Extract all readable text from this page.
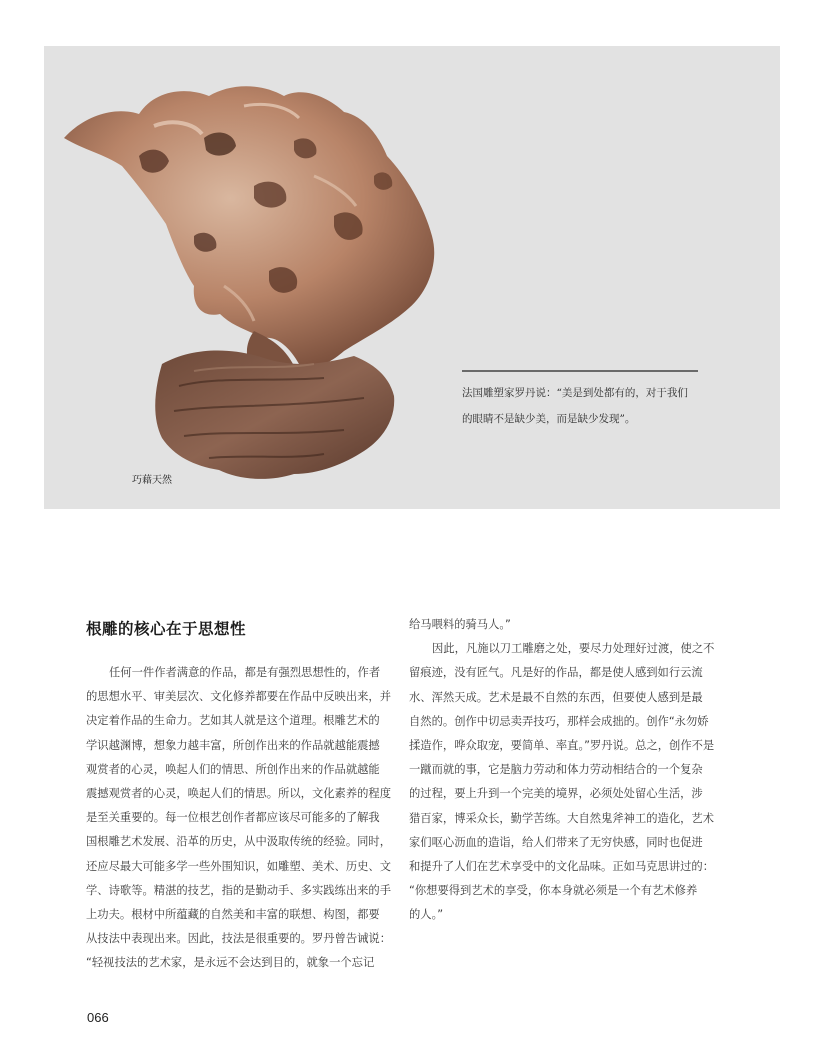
法国雕塑家罗丹说：“美是到处都有的，对于我们
的眼睛不是缺少美，而是缺少发现”。
巧藉天然
根雕的核心在于思想性
任何一件作者满意的作品，都是有强烈思想性的，作者
的思想水平、审美层次、文化修养都要在作品中反映出来，并
决定着作品的生命力。艺如其人就是这个道理。根雕艺术的
学识越渊博，想象力越丰富，所创作出来的作品就越能震撼
观赏者的心灵，唤起人们的情思、所创作出来的作品就越能
震撼观赏者的心灵，唤起人们的情思。所以，文化素养的程度
是至关重要的。每一位根艺创作者都应该尽可能多的了解我
国根雕艺术发展、沿革的历史，从中汲取传统的经验。同时，
还应尽最大可能多学一些外围知识，如雕塑、美术、历史、文
学、诗歌等。精湛的技艺，指的是勤动手、多实践练出来的手
上功夫。根材中所蕴藏的自然美和丰富的联想、构图，都要
从技法中表现出来。因此，技法是很重要的。罗丹曾告诫说：
“轻视技法的艺术家，是永远不会达到目的，就象一个忘记
给马喂料的骑马人。”
因此，凡施以刀工雕磨之处，要尽力处理好过渡，使之不
留痕迹，没有匠气。凡是好的作品，都是使人感到如行云流
水、浑然天成。艺术是最不自然的东西，但要使人感到是最
自然的。创作中切忌卖弄技巧，那样会成拙的。创作“永勿娇
揉造作，哗众取宠，要简单、率直。”罗丹说。总之，创作不是
一蹴而就的事，它是脑力劳动和体力劳动相结合的一个复杂
的过程，要上升到一个完美的境界，必须处处留心生活，涉
猎百家，博采众长，勤学苦练。大自然鬼斧神工的造化，艺术
家们呕心沥血的造诣，给人们带来了无穷快感，同时也促进
和提升了人们在艺术享受中的文化品味。正如马克思讲过的：
“你想要得到艺术的享受，你本身就必须是一个有艺术修养
的人。”
066
